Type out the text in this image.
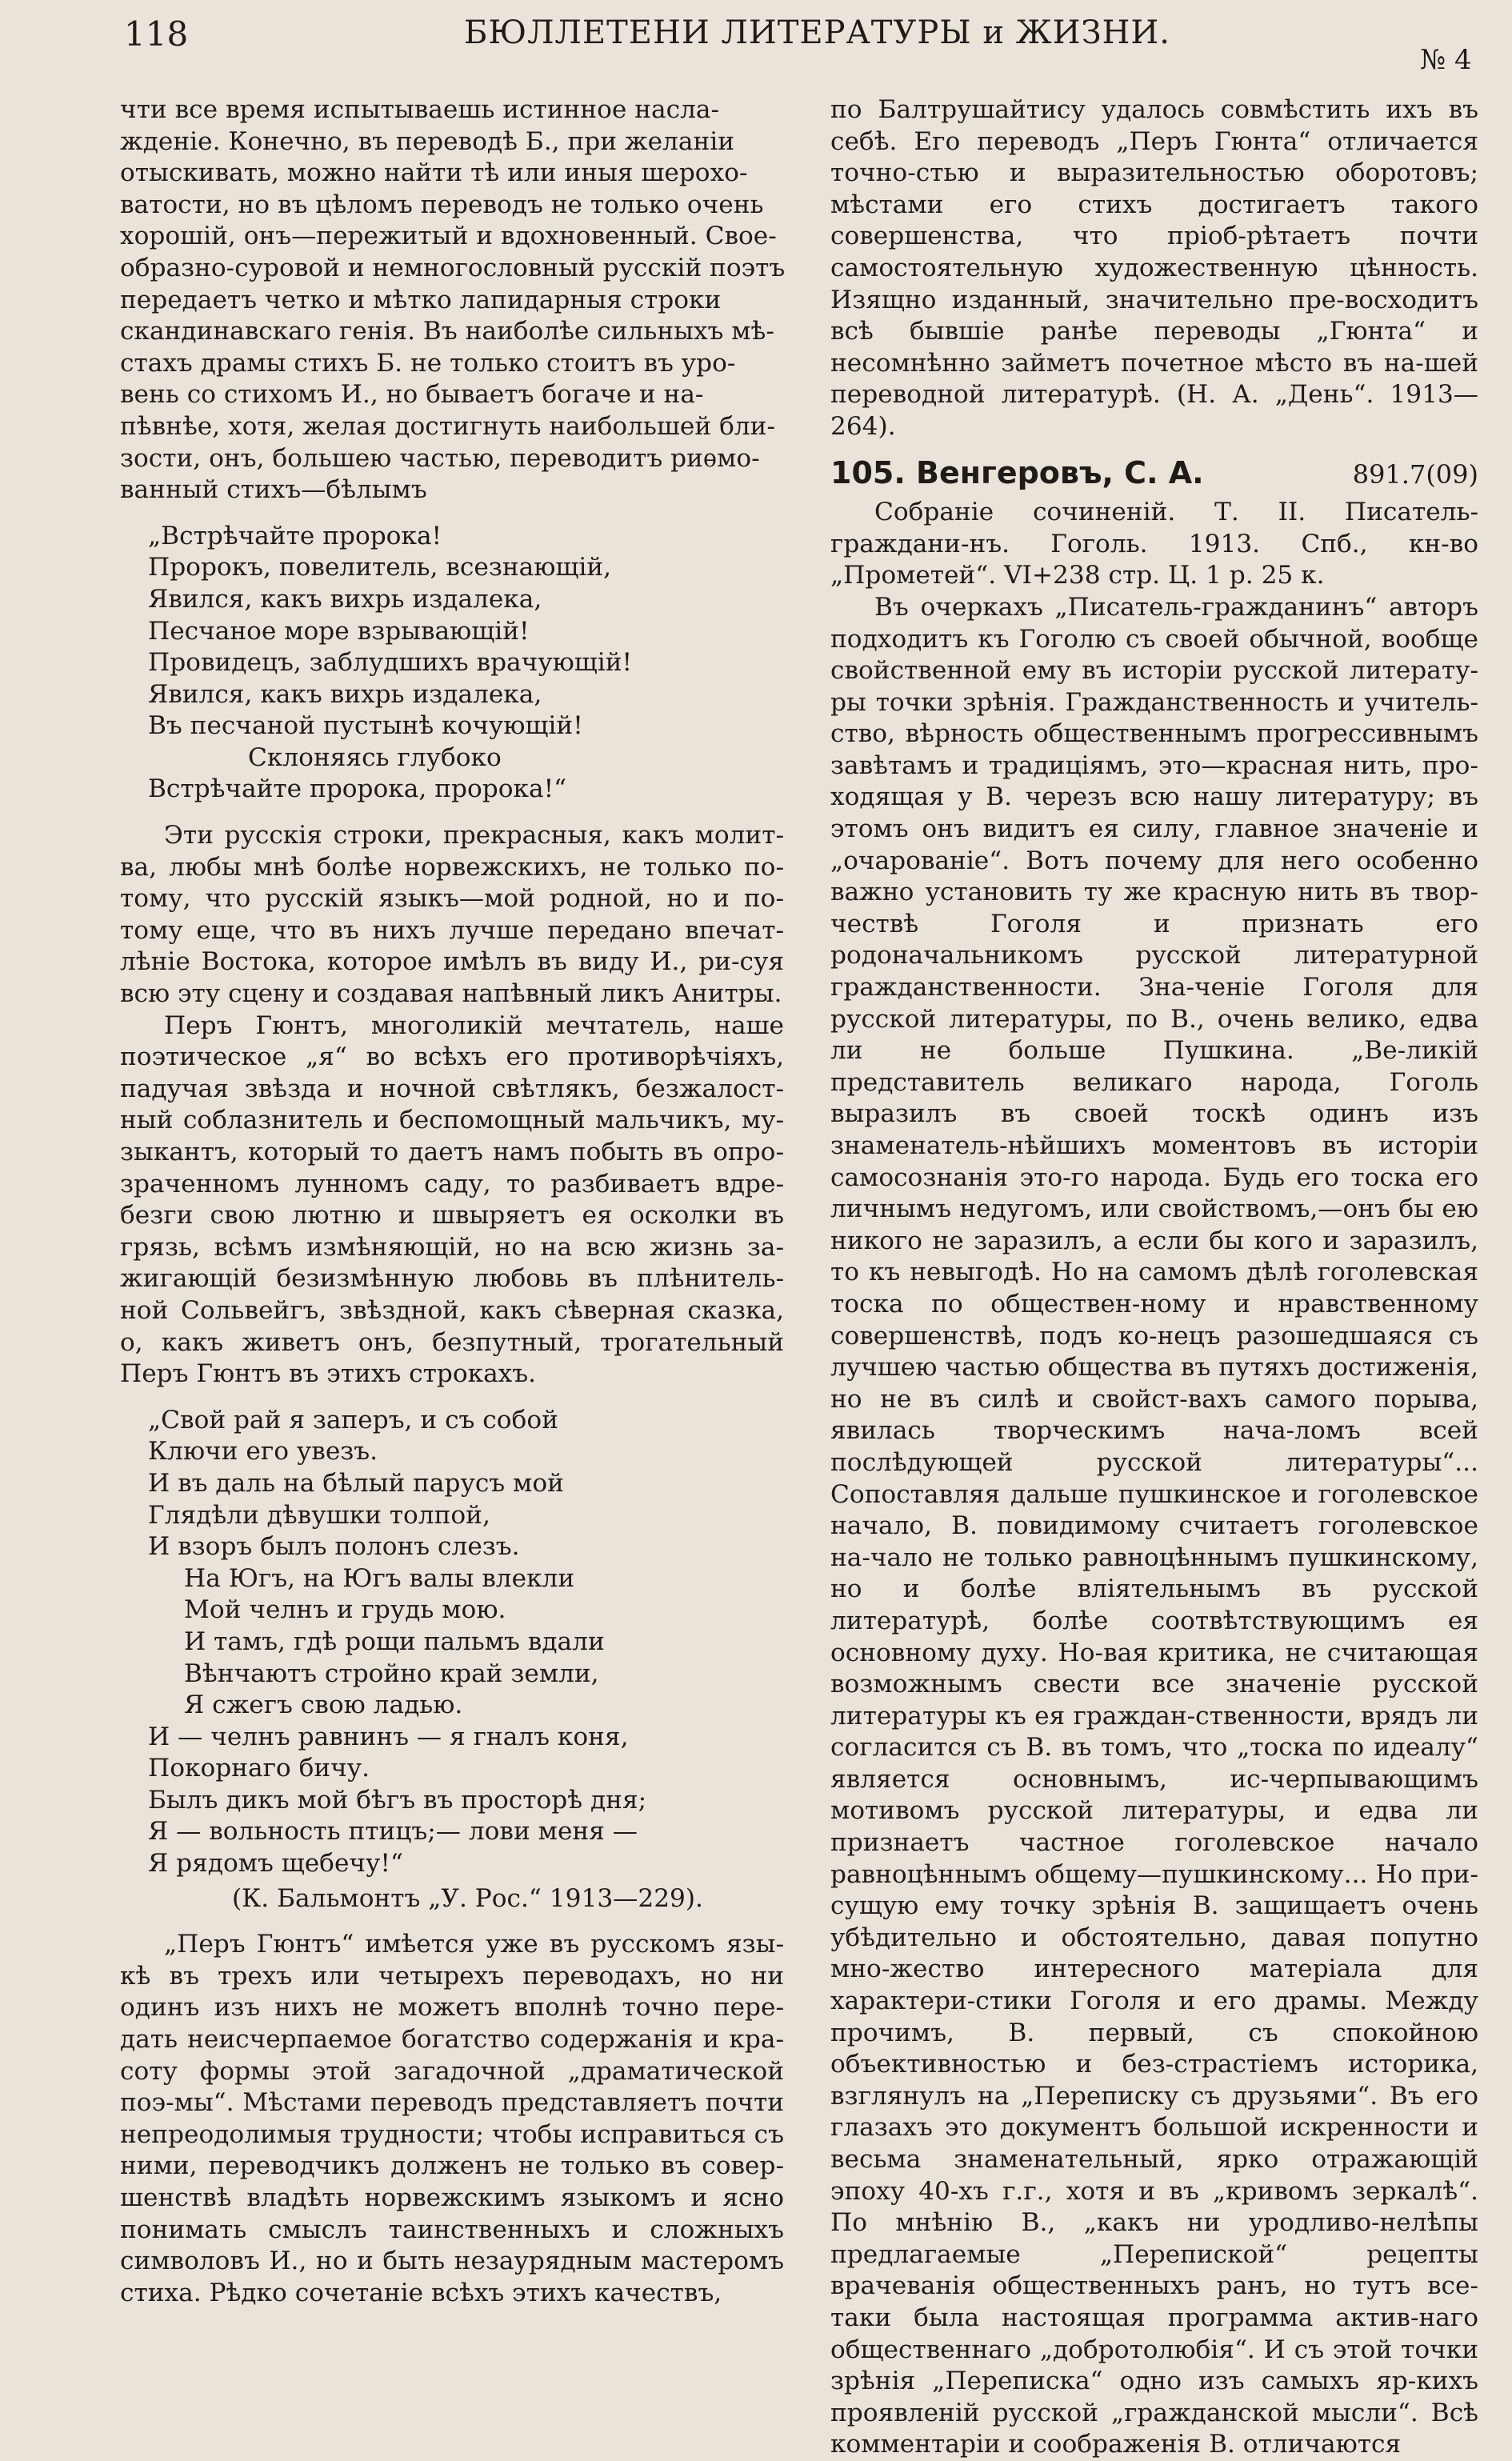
118	БЮЛЛЕТЕНИ ЛИТЕРАТУРЫ и ЖИЗНИ.
№ 4
чти все время испытываешь истинное насла-
жденіе. Конечно, въ переводѣ Б., при желаніи
отыскивать, можно найти тѣ или иныя шерохо-
ватости, но въ цѣломъ переводъ не только очень
хорошій, онъ—пережитый и вдохновенный. Свое-
образно-суровой и немногословный русскій поэтъ
передаетъ четко и мѣтко лапидарныя строки
скандинавскаго генія. Въ наиболѣе сильныхъ мѣ-
стахъ драмы стихъ Б. не только стоитъ въ уро-
вень со стихомъ И., но бываетъ богаче и на-
пѣвнѣе, хотя, желая достигнуть наибольшей бли-
зости, онъ, большею частью, переводитъ риѳмо-
ванный стихъ—бѣлымъ
„Встрѣчайте пророка!
Пророкъ, повелитель, всезнающій,
Явился, какъ вихрь издалека,
Песчаное море взрывающій!
Провидецъ, заблудшихъ врачующій!
Явился, какъ вихрь издалека,
Въ песчаной пустынѣ кочующій!
Склоняясь глубоко
Встрѣчайте пророка, пророка!“

Эти русскія строки, прекрасныя, какъ молит-ва, любы мнѣ болѣе норвежскихъ, не только по-тому, что русскій языкъ—мой родной, но и по-тому еще, что въ нихъ лучше передано впечат-лѣніе Востока, которое имѣлъ въ виду И., ри-суя всю эту сцену и создавая напѣвный ликъ Анитры.

Перъ Гюнтъ, многоликій мечтатель, наше поэтическое „я“ во всѣхъ его противорѣчіяхъ, падучая звѣзда и ночной свѣтлякъ, безжалост-ный соблазнитель и беспомощный мальчикъ, му-зыкантъ, который то даетъ намъ побыть въ опро-зраченномъ лунномъ саду, то разбиваетъ вдре-безги свою лютню и швыряетъ ея осколки въ грязь, всѣмъ измѣняющій, но на всю жизнь за-жигающій безизмѣнную любовь въ плѣнитель-ной Сольвейгъ, звѣздной, какъ сѣверная сказка, о, какъ живетъ онъ, безпутный, трогательный Перъ Гюнтъ въ этихъ строкахъ.

„Свой рай я заперъ, и съ собой
Ключи его увезъ.
И въ даль на бѣлый парусъ мой
Глядѣли дѣвушки толпой,
И взоръ былъ полонъ слезъ.
На Югъ, на Югъ валы влекли
Мой челнъ и грудь мою.
И тамъ, гдѣ рощи пальмъ вдали
Вѣнчаютъ стройно край земли,
Я сжегъ свою ладью.
И — челнъ равнинъ — я гналъ коня,
Покорнаго бичу.
Былъ дикъ мой бѣгъ въ просторѣ дня;
Я — вольность птицъ;— лови меня —
Я рядомъ щебечу!“
(К. Бальмонтъ „У. Рос.“ 1913—229).

„Перъ Гюнтъ“ имѣется уже въ русскомъ язы-кѣ въ трехъ или четырехъ переводахъ, но ни одинъ изъ нихъ не можетъ вполнѣ точно пере-дать неисчерпаемое богатство содержанія и кра-соту формы этой загадочной „драматической поэ-мы“. Мѣстами переводъ представляетъ почти непреодолимыя трудности; чтобы исправиться съ ними, переводчикъ долженъ не только въ совер-шенствѣ владѣть норвежскимъ языкомъ и ясно понимать смыслъ таинственныхъ и сложныхъ символовъ И., но и быть незаурядным мастеромъ стиха. Рѣдко сочетаніе всѣхъ этихъ качествъ,

по Балтрушайтису удалось совмѣстить ихъ въ себѣ. Его переводъ „Перъ Гюнта“ отличается точно-стью и выразительностью оборотовъ; мѣстами его стихъ достигаетъ такого совершенства, что пріоб-рѣтаетъ почти самостоятельную художественную цѣнность. Изящно изданный, значительно пре-восходитъ всѣ бывшіе ранѣе переводы „Гюнта“ и несомнѣнно займетъ почетное мѣсто въ на-шей переводной литературѣ. (Н. А. „День“. 1913—264).

105. Венгеровъ, С. А.	891.7(09)

Собраніе сочиненій. Т. II. Писатель-граждани-нъ. Гоголь. 1913. Спб., кн-во „Прометей“. VI+238 стр. Ц. 1 р. 25 к.

Въ очеркахъ „Писатель-гражданинъ“ авторъ подходитъ къ Гоголю съ своей обычной, вообще свойственной ему въ исторіи русской литерату-ры точки зрѣнія. Гражданственность и учитель-ство, вѣрность общественнымъ прогрессивнымъ завѣтамъ и традиціямъ, это—красная нить, про-ходящая у В. черезъ всю нашу литературу; въ этомъ онъ видитъ ея силу, главное значеніе и „очарованіе“. Вотъ почему для него особенно важно установить ту же красную нить въ твор-чествѣ Гоголя и признать его родоначальникомъ русской литературной гражданственности. Зна-ченіе Гоголя для русской литературы, по В., очень велико, едва ли не больше Пушкина. „Ве-ликій представитель великаго народа, Гоголь выразилъ въ своей тоскѣ одинъ изъ знаменатель-нѣйшихъ моментовъ въ исторіи самосознанія это-го народа. Будь его тоска его личнымъ недугомъ, или свойствомъ,—онъ бы ею никого не заразилъ, а если бы кого и заразилъ, то къ невыгодѣ. Но на самомъ дѣлѣ гоголевская тоска по обществен-ному и нравственному совершенствѣ, подъ ко-нецъ разошедшаяся съ лучшею частью общества въ путяхъ достиженія, но не въ силѣ и свойст-вахъ самого порыва, явилась творческимъ нача-ломъ всей послѣдующей русской литературы“... Сопоставляя дальше пушкинское и гоголевское начало, В. повидимому считаетъ гоголевское на-чало не только равноцѣннымъ пушкинскому, но и болѣе вліятельнымъ въ русской литературѣ, болѣе соотвѣтствующимъ ея основному духу. Но-вая критика, не считающая возможнымъ свести все значеніе русской литературы къ ея граждан-ственности, врядъ ли согласится съ В. въ томъ, что „тоска по идеалу“ является основнымъ, ис-черпывающимъ мотивомъ русской литературы, и едва ли признаетъ частное гоголевское начало равноцѣннымъ общему—пушкинскому... Но при-сущую ему точку зрѣнія В. защищаетъ очень убѣдительно и обстоятельно, давая попутно мно-жество интересного матеріала для характери-стики Гоголя и его драмы. Между прочимъ, В. первый, съ спокойною объективностью и без-страстіемъ историка, взглянулъ на „Переписку съ друзьями“. Въ его глазахъ это документъ большой искренности и весьма знаменательный, ярко отражающій эпоху 40-хъ г.г., хотя и въ „кривомъ зеркалѣ“. По мнѣнію В., „какъ ни уродливо-нелѣпы предлагаемые „Перепиской“ рецепты врачеванія общественныхъ ранъ, но тутъ все-таки была настоящая программа актив-наго общественнаго „добротолюбія“. И съ этой точки зрѣнія „Переписка“ одно изъ самыхъ яр-кихъ проявленій русской „гражданской мысли“. Всѣ комментаріи и соображенія В. отличаются
